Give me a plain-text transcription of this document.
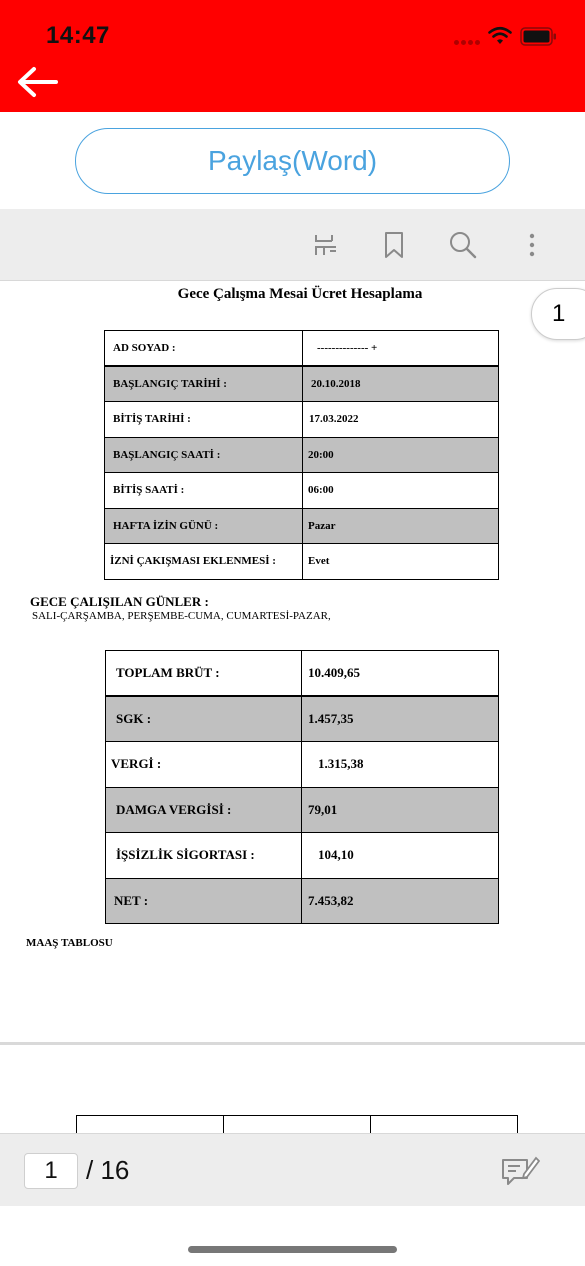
14:47
Paylaş(Word)
Gece Çalışma Mesai Ücret Hesaplama
1
AD SOYAD :	-------------- +
BAŞLANGIÇ TARİHİ :	20.10.2018
BİTİŞ TARİHİ :	17.03.2022
BAŞLANGIÇ SAATİ :	20:00
BİTİŞ SAATİ :	06:00
HAFTA İZİN GÜNÜ :	Pazar
İZNİ ÇAKIŞMASI EKLENMESİ :	Evet
GECE ÇALIŞILAN GÜNLER :
SALI-ÇARŞAMBA, PERŞEMBE-CUMA, CUMARTESİ-PAZAR,
TOPLAM BRÜT :	10.409,65
SGK :	1.457,35
VERGİ :	1.315,38
DAMGA VERGİSİ :	79,01
İŞSİZLİK SİGORTASI :	104,10
NET :	7.453,82
MAAŞ TABLOSU
1	/ 16
